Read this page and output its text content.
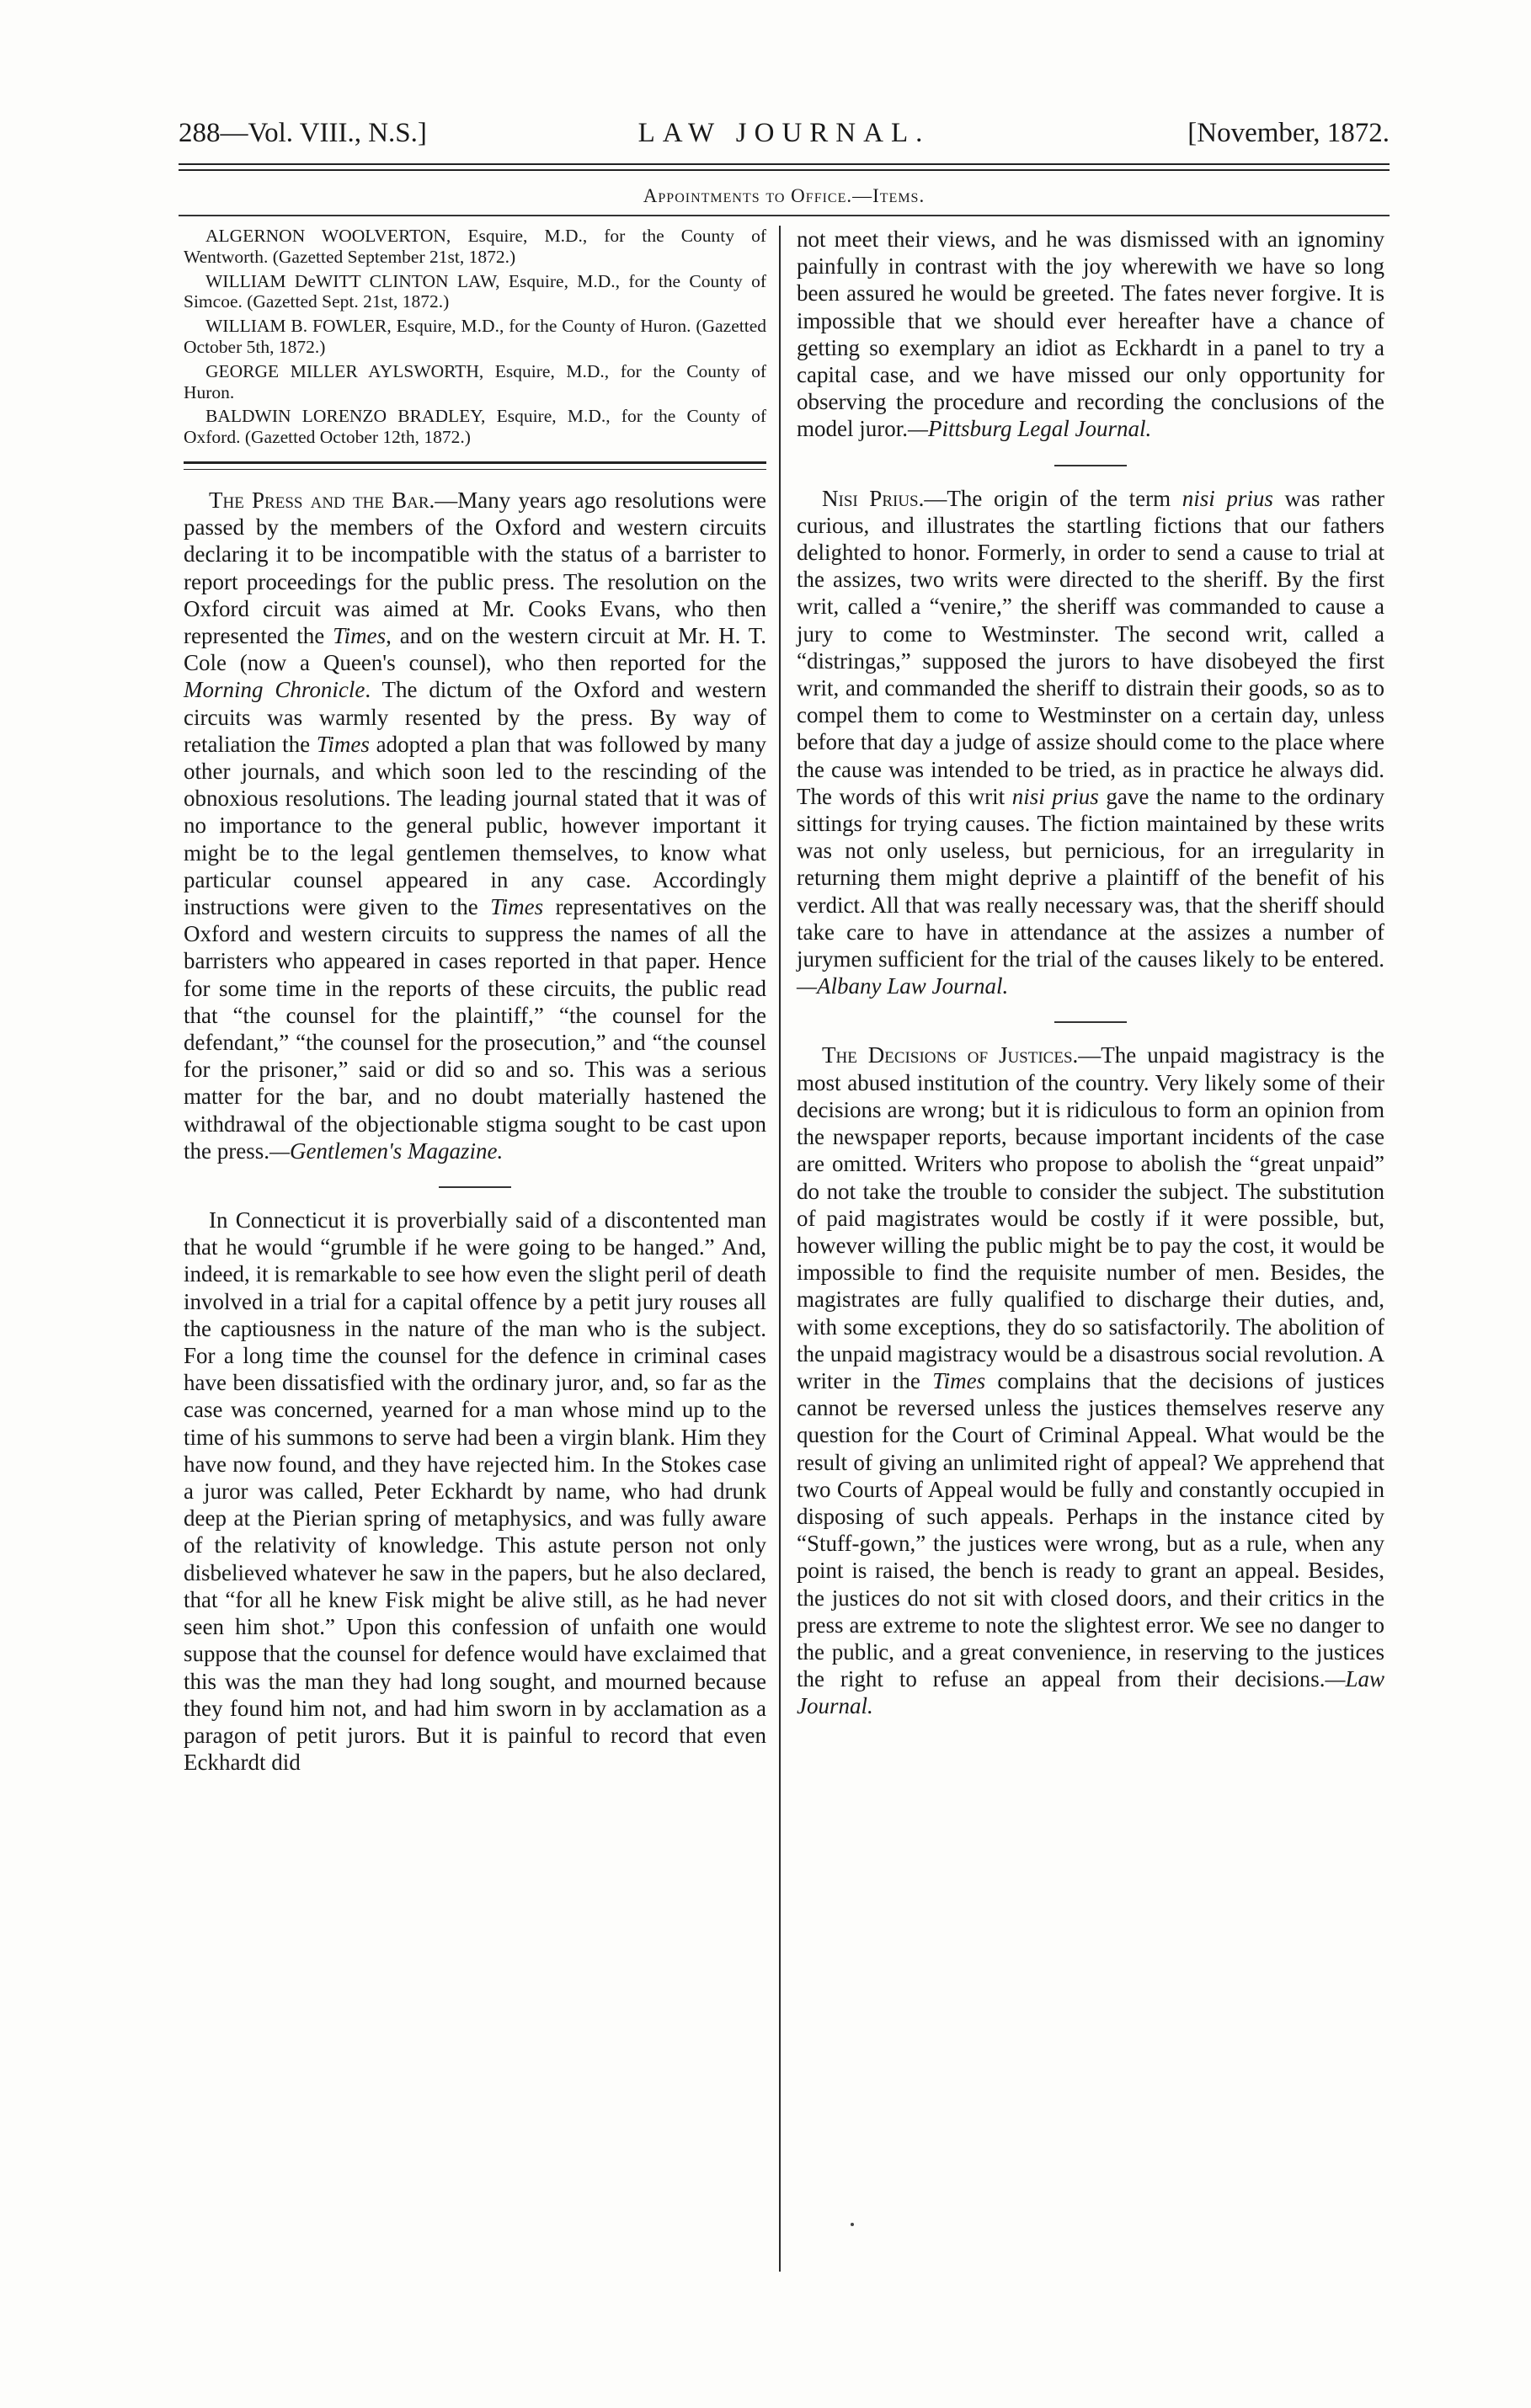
288—Vol. VIII., N.S.]	LAW JOURNAL.	[November, 1872.
Appointments to Office.—Items.

ALGERNON WOOLVERTON, Esquire, M.D., for the County of Wentworth. (Gazetted September 21st, 1872.)

WILLIAM DeWITT CLINTON LAW, Esquire, M.D., for the County of Simcoe. (Gazetted Sept. 21st, 1872.)

WILLIAM B. FOWLER, Esquire, M.D., for the County of Huron. (Gazetted October 5th, 1872.)

GEORGE MILLER AYLSWORTH, Esquire, M.D., for the County of Huron.

BALDWIN LORENZO BRADLEY, Esquire, M.D., for the County of Oxford. (Gazetted October 12th, 1872.)

The Press and the Bar.—Many years ago resolutions were passed by the members of the Oxford and western circuits declaring it to be incompatible with the status of a barrister to report proceedings for the public press. The resolution on the Oxford circuit was aimed at Mr. Cooks Evans, who then represented the Times, and on the western circuit at Mr. H. T. Cole (now a Queen's counsel), who then reported for the Morning Chronicle. The dictum of the Oxford and western circuits was warmly resented by the press. By way of retaliation the Times adopted a plan that was followed by many other journals, and which soon led to the rescinding of the obnoxious resolutions. The leading journal stated that it was of no importance to the general public, however important it might be to the legal gentlemen themselves, to know what particular counsel appeared in any case. Accordingly instructions were given to the Times representatives on the Oxford and western circuits to suppress the names of all the barristers who appeared in cases reported in that paper. Hence for some time in the reports of these circuits, the public read that “the counsel for the plaintiff,” “the counsel for the defendant,” “the counsel for the prosecution,” and “the counsel for the prisoner,” said or did so and so. This was a serious matter for the bar, and no doubt materially hastened the withdrawal of the objectionable stigma sought to be cast upon the press.—Gentlemen's Magazine.

In Connecticut it is proverbially said of a discontented man that he would “grumble if he were going to be hanged.” And, indeed, it is remarkable to see how even the slight peril of death involved in a trial for a capital offence by a petit jury rouses all the captiousness in the nature of the man who is the subject. For a long time the counsel for the defence in criminal cases have been dissatisfied with the ordinary juror, and, so far as the case was concerned, yearned for a man whose mind up to the time of his summons to serve had been a virgin blank. Him they have now found, and they have rejected him. In the Stokes case a juror was called, Peter Eckhardt by name, who had drunk deep at the Pierian spring of metaphysics, and was fully aware of the relativity of knowledge. This astute person not only disbelieved whatever he saw in the papers, but he also declared, that “for all he knew Fisk might be alive still, as he had never seen him shot.” Upon this confession of unfaith one would suppose that the counsel for defence would have exclaimed that this was the man they had long sought, and mourned because they found him not, and had him sworn in by acclamation as a paragon of petit jurors. But it is painful to record that even Eckhardt did

not meet their views, and he was dismissed with an ignominy painfully in contrast with the joy wherewith we have so long been assured he would be greeted. The fates never forgive. It is impossible that we should ever hereafter have a chance of getting so exemplary an idiot as Eckhardt in a panel to try a capital case, and we have missed our only opportunity for observing the procedure and recording the conclusions of the model juror.—Pittsburg Legal Journal.

Nisi Prius.—The origin of the term nisi prius was rather curious, and illustrates the startling fictions that our fathers delighted to honor. Formerly, in order to send a cause to trial at the assizes, two writs were directed to the sheriff. By the first writ, called a “venire,” the sheriff was commanded to cause a jury to come to Westminster. The second writ, called a “distringas,” supposed the jurors to have disobeyed the first writ, and commanded the sheriff to distrain their goods, so as to compel them to come to Westminster on a certain day, unless before that day a judge of assize should come to the place where the cause was intended to be tried, as in practice he always did. The words of this writ nisi prius gave the name to the ordinary sittings for trying causes. The fiction maintained by these writs was not only useless, but pernicious, for an irregularity in returning them might deprive a plaintiff of the benefit of his verdict. All that was really necessary was, that the sheriff should take care to have in attendance at the assizes a number of jurymen sufficient for the trial of the causes likely to be entered.—Albany Law Journal.

The Decisions of Justices.—The unpaid magistracy is the most abused institution of the country. Very likely some of their decisions are wrong; but it is ridiculous to form an opinion from the newspaper reports, because important incidents of the case are omitted. Writers who propose to abolish the “great unpaid” do not take the trouble to consider the subject. The substitution of paid magistrates would be costly if it were possible, but, however willing the public might be to pay the cost, it would be impossible to find the requisite number of men. Besides, the magistrates are fully qualified to discharge their duties, and, with some exceptions, they do so satisfactorily. The abolition of the unpaid magistracy would be a disastrous social revolution. A writer in the Times complains that the decisions of justices cannot be reversed unless the justices themselves reserve any question for the Court of Criminal Appeal. What would be the result of giving an unlimited right of appeal? We apprehend that two Courts of Appeal would be fully and constantly occupied in disposing of such appeals. Perhaps in the instance cited by “Stuff-gown,” the justices were wrong, but as a rule, when any point is raised, the bench is ready to grant an appeal. Besides, the justices do not sit with closed doors, and their critics in the press are extreme to note the slightest error. We see no danger to the public, and a great convenience, in reserving to the justices the right to refuse an appeal from their decisions.—Law Journal.
